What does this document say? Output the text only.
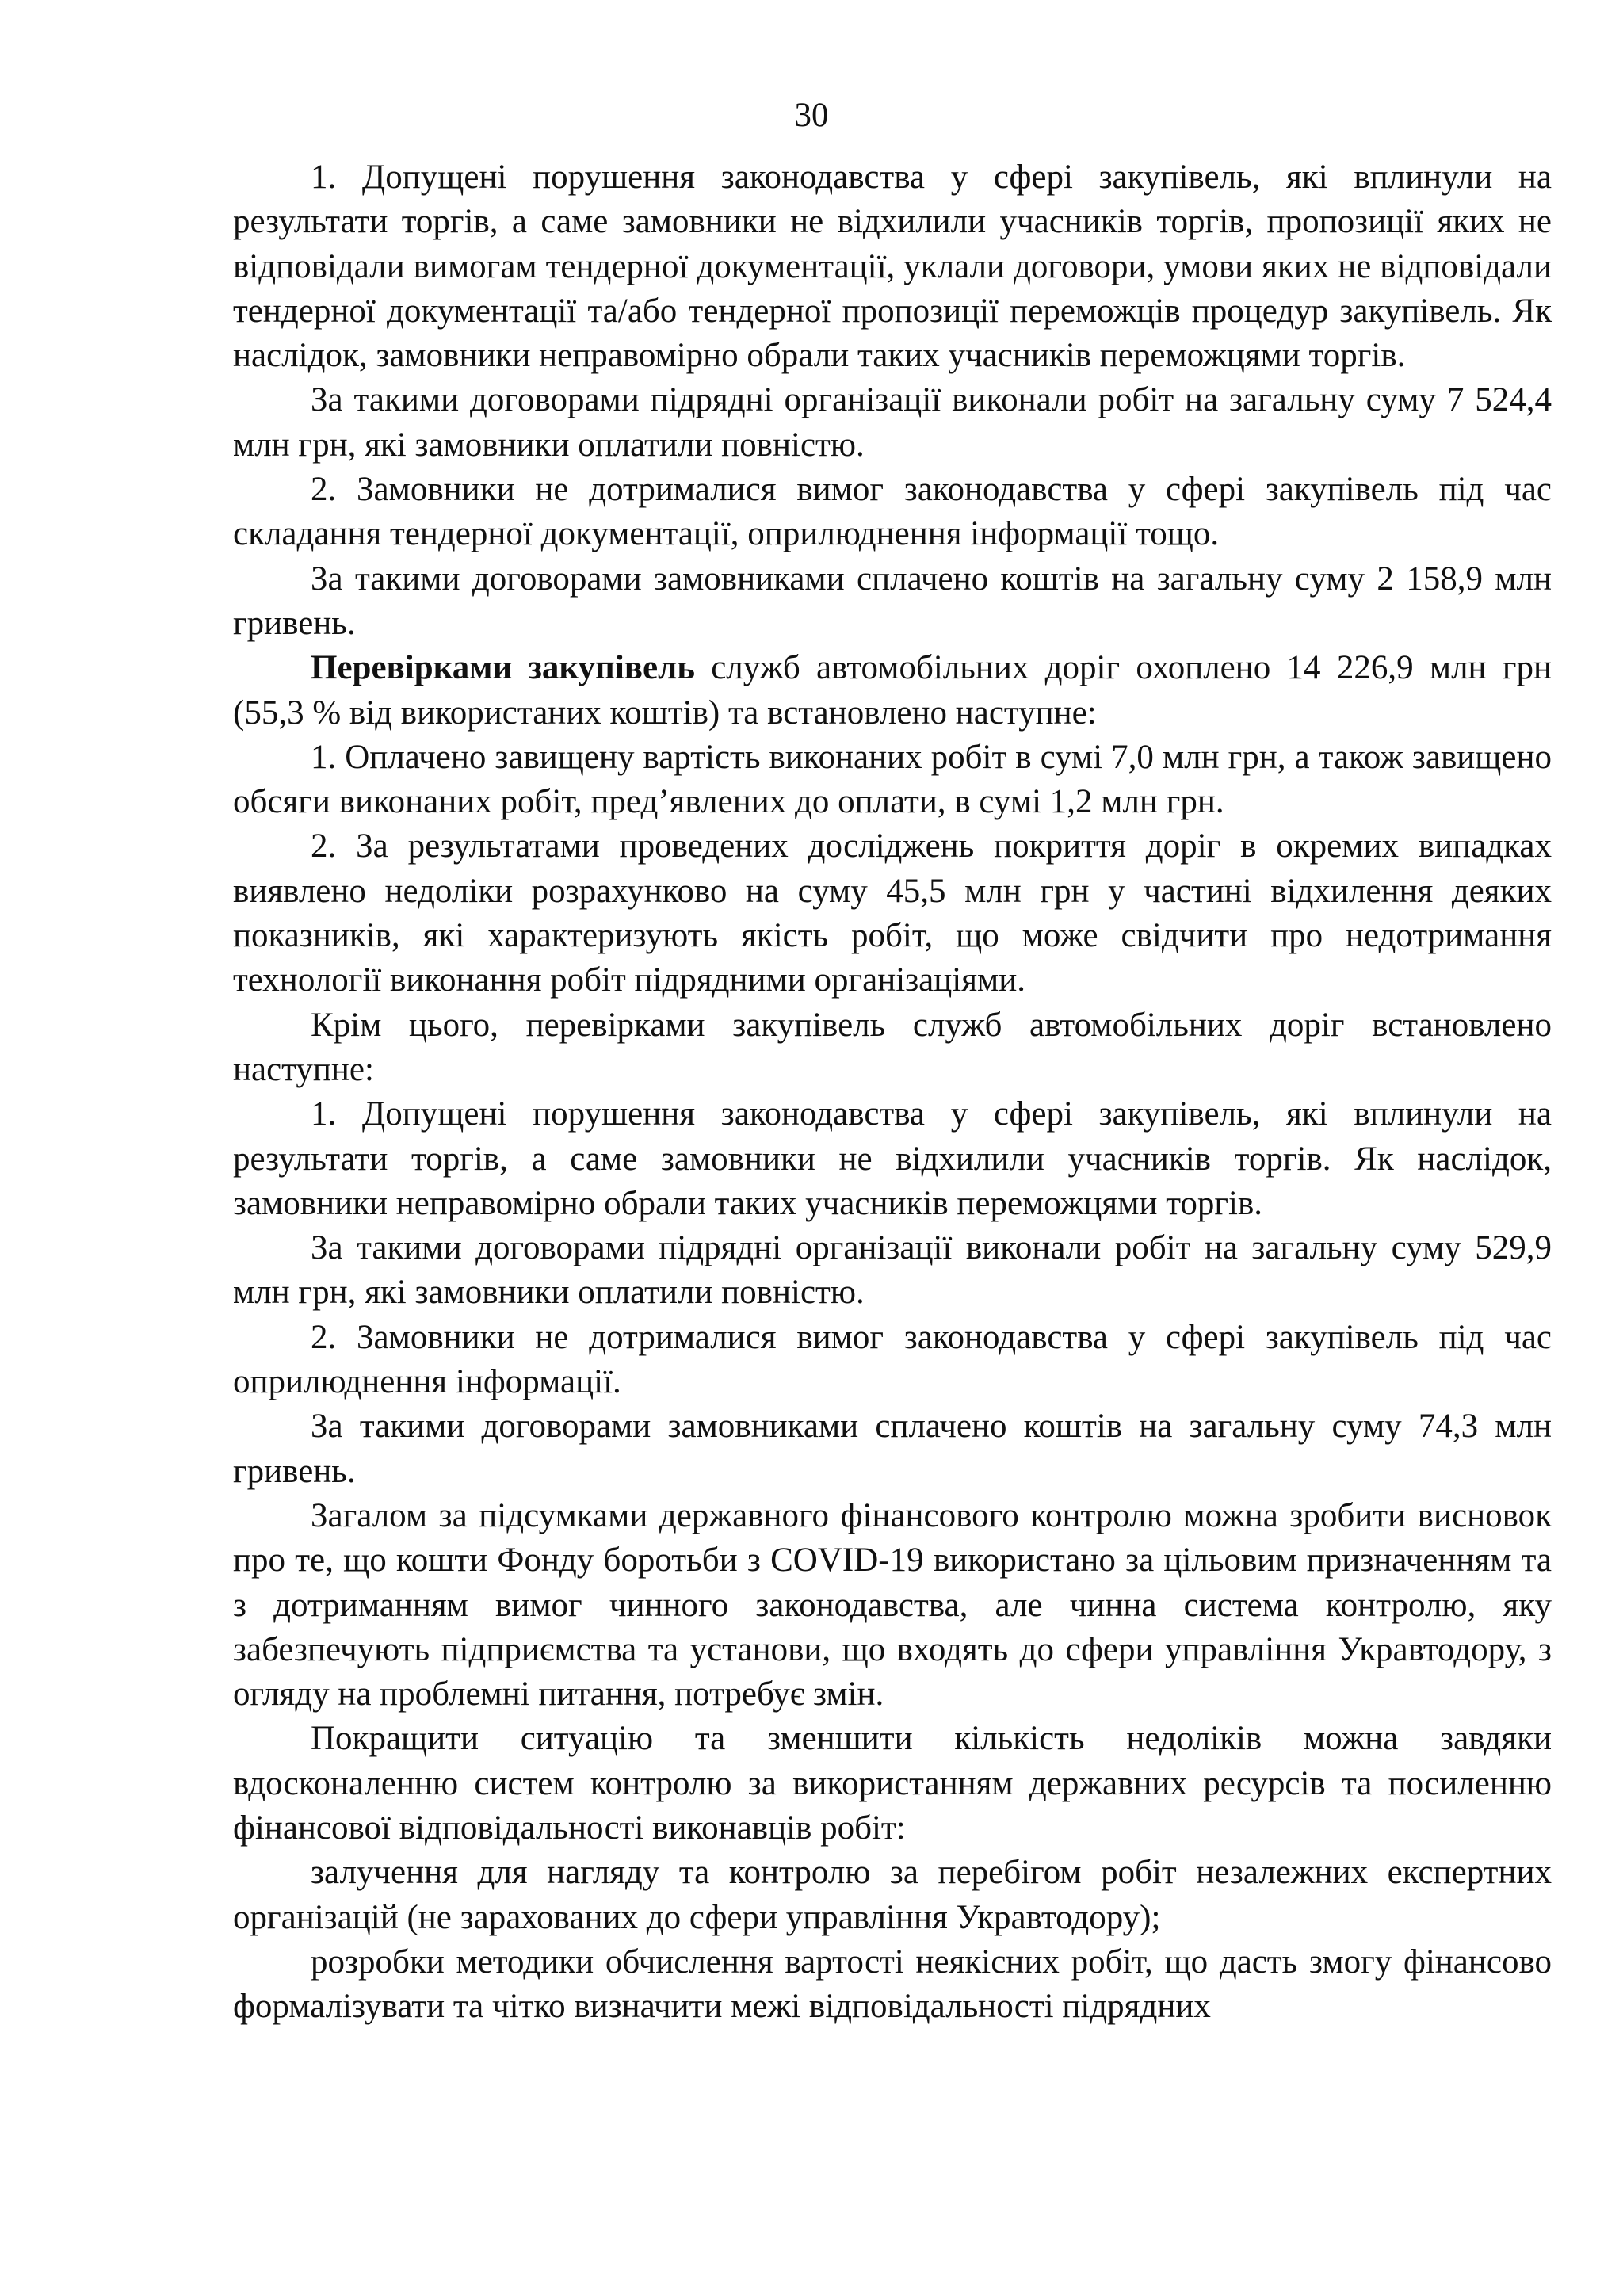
30

1. Допущені порушення законодавства у сфері закупівель, які вплинули на результати торгів, а саме замовники не відхилили учасників торгів, пропозиції яких не відповідали вимогам тендерної документації, уклали договори, умови яких не відповідали тендерної документації та/або тендерної пропозиції переможців процедур закупівель. Як наслідок, замовники неправомірно обрали таких учасників переможцями торгів.

За такими договорами підрядні організації виконали робіт на загальну суму 7 524,4 млн грн, які замовники оплатили повністю.

2. Замовники не дотрималися вимог законодавства у сфері закупівель під час складання тендерної документації, оприлюднення інформації тощо.

За такими договорами замовниками сплачено коштів на загальну суму 2 158,9 млн гривень.

Перевірками закупівель служб автомобільних доріг охоплено 14 226,9 млн грн (55,3 % від використаних коштів) та встановлено наступне:

1. Оплачено завищену вартість виконаних робіт в сумі 7,0 млн грн, а також завищено обсяги виконаних робіт, пред’явлених до оплати, в сумі 1,2 млн грн.

2. За результатами проведених досліджень покриття доріг в окремих випадках виявлено недоліки розрахунково на суму 45,5 млн грн у частині відхилення деяких показників, які характеризують якість робіт, що може свідчити про недотримання технології виконання робіт підрядними організаціями.

Крім цього, перевірками закупівель служб автомобільних доріг встановлено наступне:

1. Допущені порушення законодавства у сфері закупівель, які вплинули на результати торгів, а саме замовники не відхилили учасників торгів. Як наслідок, замовники неправомірно обрали таких учасників переможцями торгів.

За такими договорами підрядні організації виконали робіт на загальну суму 529,9 млн грн, які замовники оплатили повністю.

2. Замовники не дотрималися вимог законодавства у сфері закупівель під час оприлюднення інформації.

За такими договорами замовниками сплачено коштів на загальну суму 74,3 млн гривень.

Загалом за підсумками державного фінансового контролю можна зробити висновок про те, що кошти Фонду боротьби з COVID-19 використано за цільовим призначенням та з дотриманням вимог чинного законодавства, але чинна система контролю, яку забезпечують підприємства та установи, що входять до сфери управління Укравтодору, з огляду на проблемні питання, потребує змін.

Покращити ситуацію та зменшити кількість недоліків можна завдяки вдосконаленню систем контролю за використанням державних ресурсів та посиленню фінансової відповідальності виконавців робіт:

залучення для нагляду та контролю за перебігом робіт незалежних експертних організацій (не зарахованих до сфери управління Укравтодору);

розробки методики обчислення вартості неякісних робіт, що дасть змогу фінансово формалізувати та чітко визначити межі відповідальності підрядних
